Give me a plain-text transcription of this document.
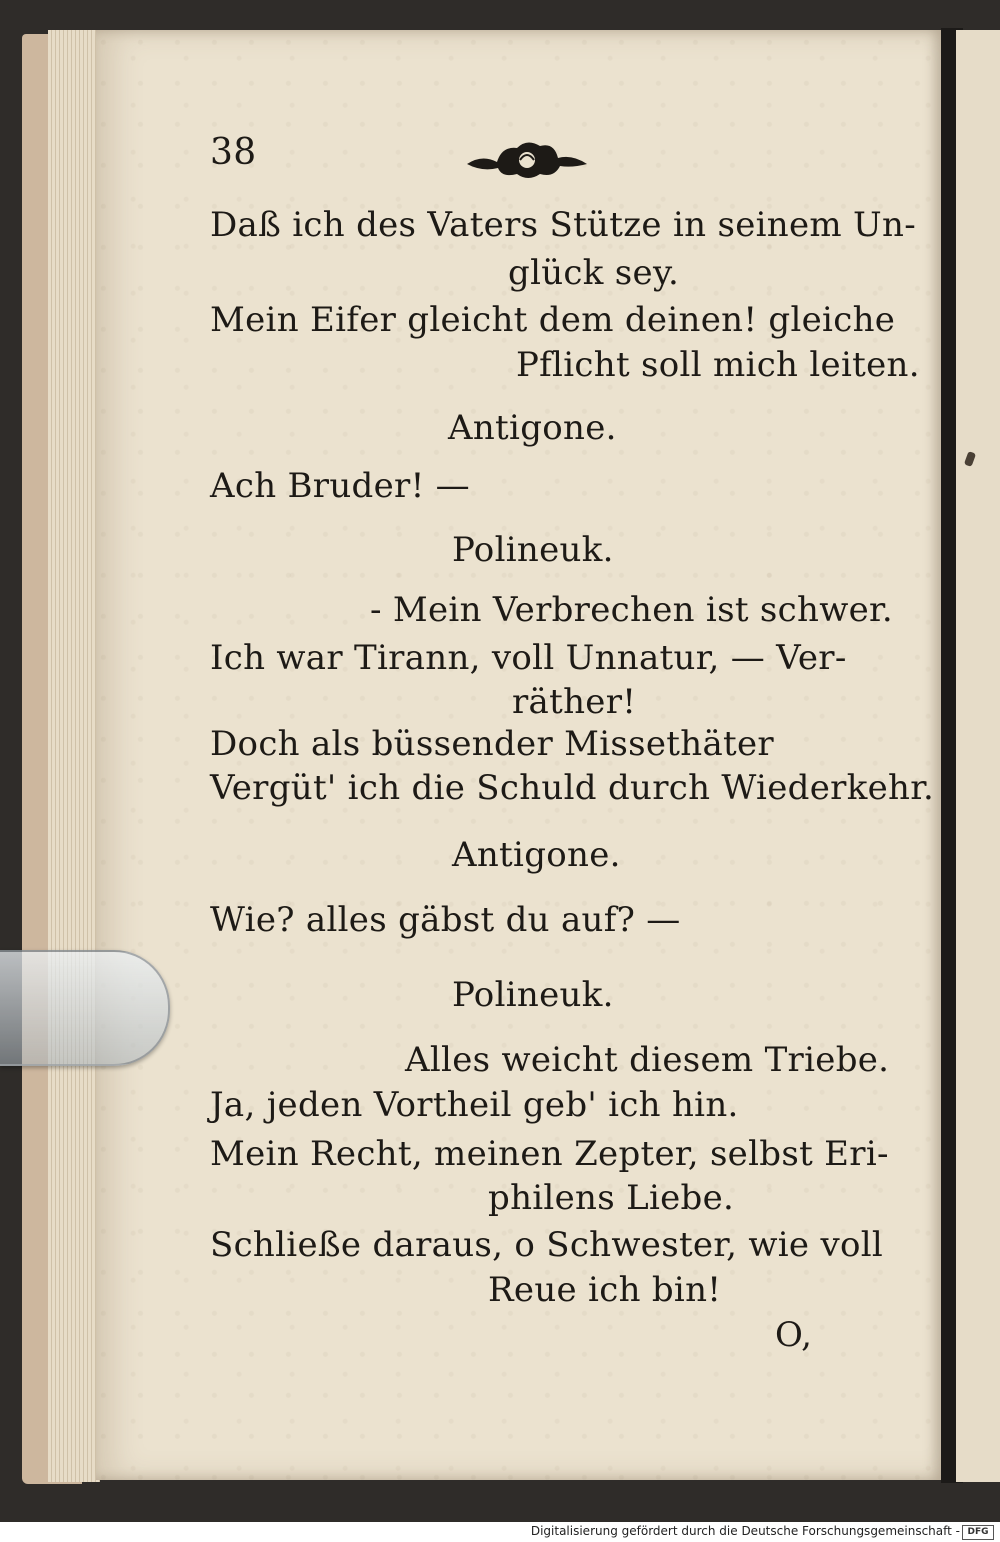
38
Daß ich des Vaters Stütze in seinem Un-
glück sey.
Mein Eifer gleicht dem deinen! gleiche
Pflicht soll mich leiten.
Antigone.
Ach Bruder! —
Polineuk.
- Mein Verbrechen ist schwer.
Ich war Tirann, voll Unnatur, — Ver-
räther!
Doch als büssender Missethäter
Vergüt' ich die Schuld durch Wiederkehr.
Antigone.
Wie? alles gäbst du auf? —
Polineuk.
Alles weicht diesem Triebe.
Ja, jeden Vortheil geb' ich hin.
Mein Recht, meinen Zepter, selbst Eri-
philens Liebe.
Schließe daraus, o Schwester, wie voll
Reue ich bin!
O,
Digitalisierung gefördert durch die Deutsche Forschungsgemeinschaft - DFG
